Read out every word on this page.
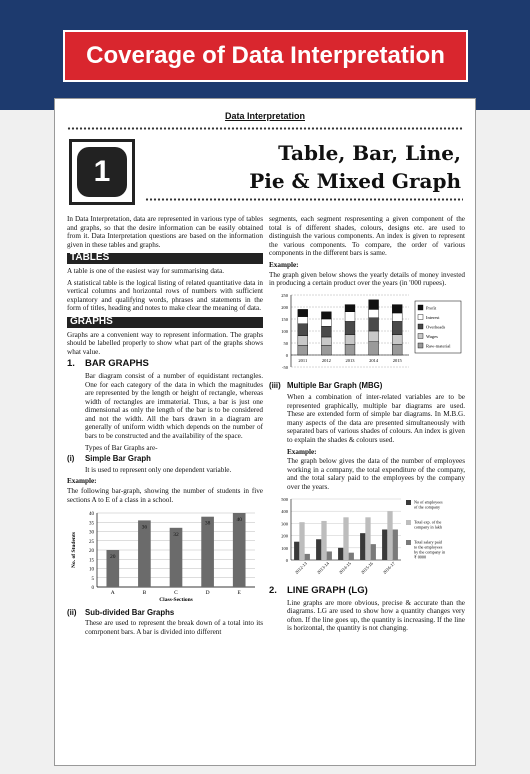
Coverage of Data Interpretation
Data Interpretation
1
Table, Bar, Line,
Pie & Mixed Graph

In Data Interpretation, data are represented in various type of tables and graphs, so that the desire information can be easily obtained from it. Data Interpretation questions are based on the information given in these tables and graphs.

TABLES

A table is one of the easiest way for summarising data.

A statistical table is the logical listing of related quantitative data in vertical columns and horizontal rows of numbers with sufficient explantory and qualifying words, phrases and statements in the form of titles, heading and notes to make clear the meaning of data.

GRAPHS

Graphs are a convenient way to represent information. The graphs should be labelled properly to show what part of the graphs shows what value.

1. BAR GRAPHS

Bar diagram consist of a number of equidistant rectangles. One for each category of the data in which the magnitudes are represented by the length or height of rectangle, whereas width of rectangles are immaterial. Thus, a bar is just one dimensional as only the length of the bar is to be considered and not the width. All the bars drawn in a diagram are generally of uniform width which depends on the number of bars to be constructed and the availability of the space.

Types of Bar Graphs are-

(i) Simple Bar Graph

It is used to represent only one dependent variable.

Example:

The following bar-graph, showing the number of students in five sections A to E of a class in a school.

0
5
10
15
20
25
30
35
40
20
A
36
B
32
C
38
D
40
E
Class-Sections
No. of Students
(ii) Sub-divided Bar Graphs

These are used to represent the break down of a total into its comrponent bars. A bar is divided into different

segments, each segment respresenting a given component of the total is of different shades, colours, designs etc. are used to distinguish the various components. An index is given to represent the various components. To compare, the order of various components in the different bars is same.

Example:

The graph given below shows the yearly details of money invested in producing a certain product over the years (in '000 rupees).

-50
0
50
100
150
200
250
2011	2012	2013	2014	2015
Profit
Interest
Overheads
Wages
Raw-material
(iii) Multiple Bar Graph (MBG)

When a combination of inter-related variables are to be represented graphically, multiple bar diagrams are used. These are extended form of simple bar diagrams. In M.B.G. many aspects of the data are presented simultaneously with separated bars of various shades of colours. An index is given to explain the shades & colours used.

Example:

The graph below gives the data of the number of employees working in a company, the total expenditure of the company, and the total salary paid to the employees by the company over the years.

0
100
200
300
400
500
2012-13 2013-14 2014-15 2015-16 2016-17
No of employees
of the company
Total exp. of the
company in lakh
Total salary paid
to the employees
by the company in
₹ 0000
2. LINE GRAPH (LG)

Line graphs are more obvious, precise & accurate than the diagrams. LG are used to show how a quantity changes very often. If the line goes up, the quantity is increasing. If the line is horizontal, the quantity is not changing.
